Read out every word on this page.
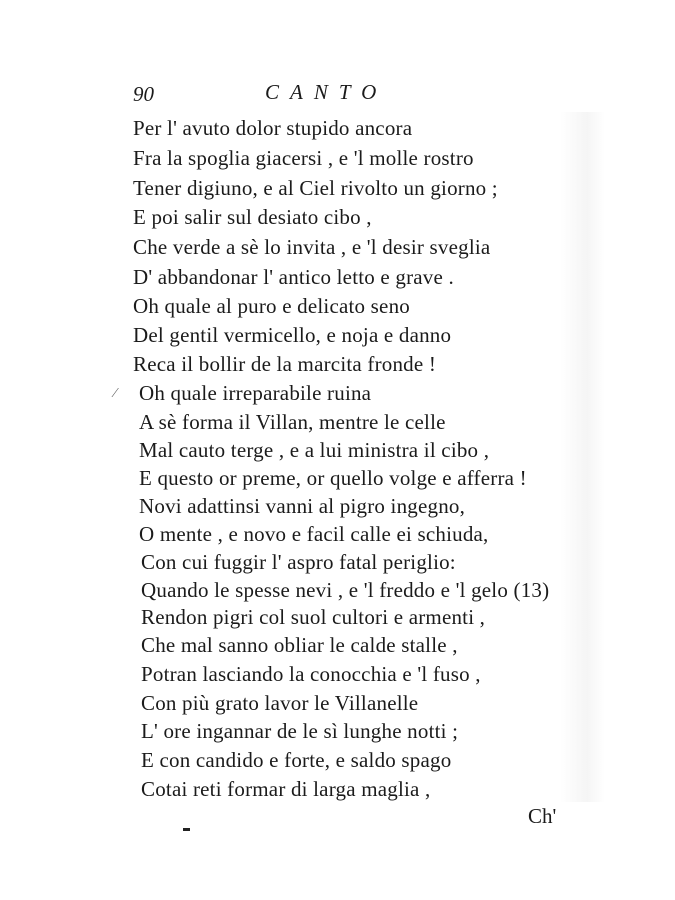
90	CANTO
Per l' avuto dolor stupido ancora
Fra la spoglia giacersi , e 'l molle rostro
Tener digiuno, e al Ciel rivolto un giorno ;
E poi salir sul desiato cibo ,
Che verde a sè lo invita , e 'l desir sveglia
D' abbandonar l' antico letto e grave .
Oh quale al puro e delicato seno
Del gentil vermicello, e noja e danno
Reca il bollir de la marcita fronde !
Oh quale irreparabile ruina
A sè forma il Villan, mentre le celle
Mal cauto terge , e a lui ministra il cibo ,
E questo or preme, or quello volge e afferra !
Novi adattinsi vanni al pigro ingegno,
O mente , e novo e facil calle ei schiuda,
Con cui fuggir l' aspro fatal periglio:
Quando le spesse nevi , e 'l freddo e 'l gelo (13)
Rendon pigri col suol cultori e armenti ,
Che mal sanno obliar le calde stalle ,
Potran lasciando la conocchia e 'l fuso ,
Con più grato lavor le Villanelle
L' ore ingannar de le sì lunghe notti ;
E con candido e forte, e saldo spago
Cotai reti formar di larga maglia ,
⁄
Ch'
